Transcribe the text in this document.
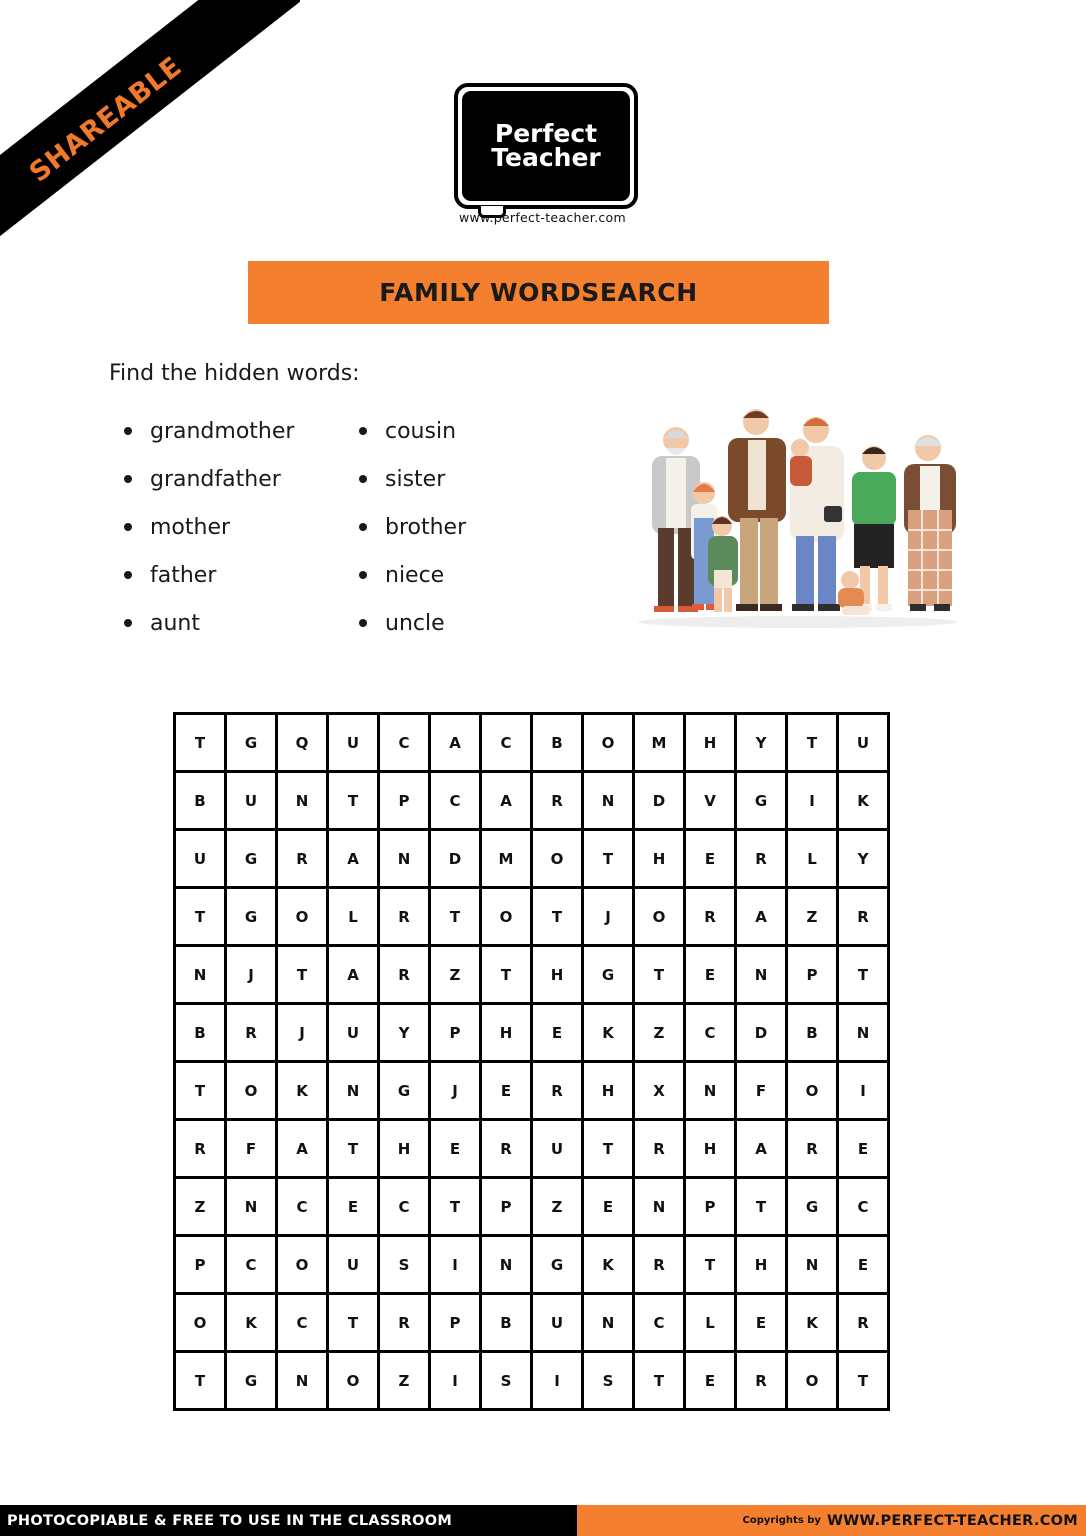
SHAREABLE	Perfect
Teacher
www.perfect-teacher.com
FAMILY WORDSEARCH
Find the hidden words:
grandmother
grandfather
mother
father
aunt
cousin
sister
brother
niece
uncle
T	G	Q	U	C	A	C	B	O	M	H	Y	T	U
B	U	N	T	P	C	A	R	N	D	V	G	I	K
U	G	R	A	N	D	M	O	T	H	E	R	L	Y
T	G	O	L	R	T	O	T	J	O	R	A	Z	R
N	J	T	A	R	Z	T	H	G	T	E	N	P	T
B	R	J	U	Y	P	H	E	K	Z	C	D	B	N
T	O	K	N	G	J	E	R	H	X	N	F	O	I
R	F	A	T	H	E	R	U	T	R	H	A	R	E
Z	N	C	E	C	T	P	Z	E	N	P	T	G	C
P	C	O	U	S	I	N	G	K	R	T	H	N	E
O	K	C	T	R	P	B	U	N	C	L	E	K	R
T	G	N	O	Z	I	S	I	S	T	E	R	O	T
PHOTOCOPIABLE & FREE TO USE IN THE CLASSROOM	Copyrights by WWW.PERFECT-TEACHER.COM
